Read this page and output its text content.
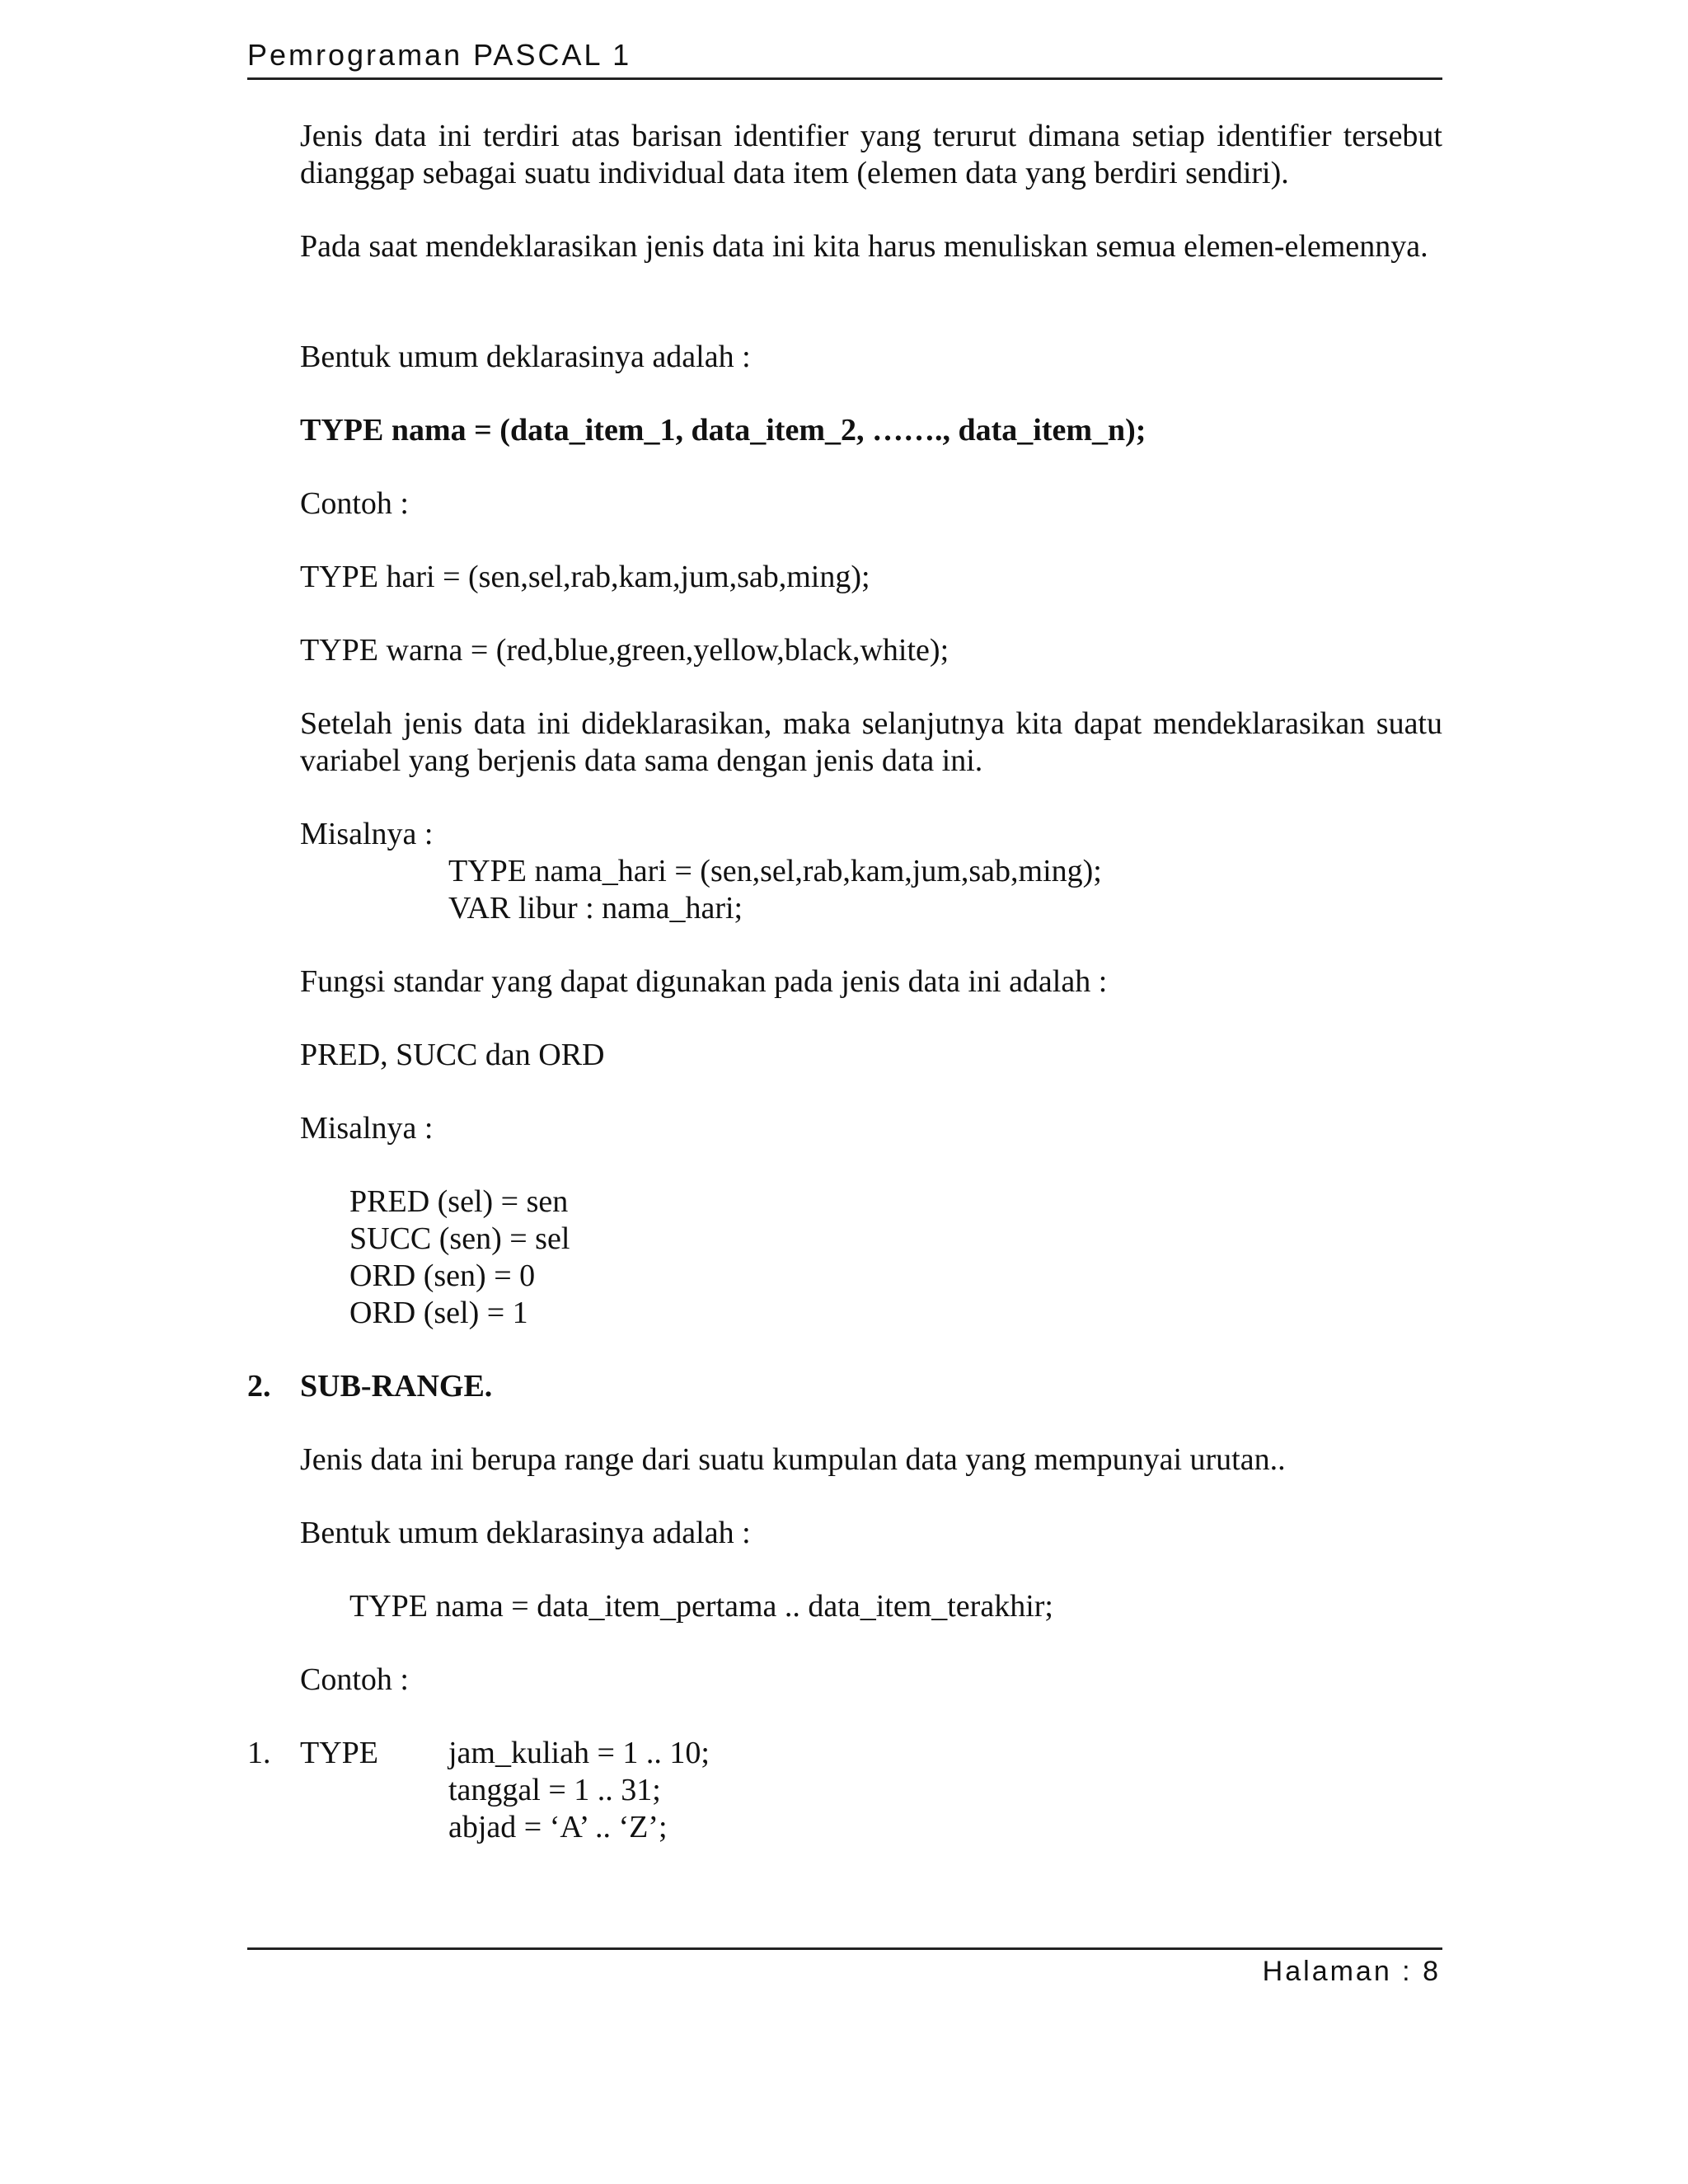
Pemrograman PASCAL 1

Jenis data ini terdiri atas barisan identifier yang terurut dimana setiap identifier tersebut dianggap sebagai suatu individual data item (elemen data yang berdiri sendiri).

Pada saat mendeklarasikan jenis data ini kita harus menuliskan semua elemen-elemennya.

Bentuk umum deklarasinya adalah :

TYPE nama = (data_item_1, data_item_2, ……., data_item_n);

Contoh :

TYPE hari = (sen,sel,rab,kam,jum,sab,ming);

TYPE warna = (red,blue,green,yellow,black,white);

Setelah jenis data ini dideklarasikan, maka selanjutnya kita dapat mendeklarasikan suatu variabel yang berjenis data sama dengan jenis data ini.

Misalnya :

TYPE nama_hari = (sen,sel,rab,kam,jum,sab,ming);

VAR libur : nama_hari;

Fungsi standar yang dapat digunakan pada jenis data ini adalah :

PRED, SUCC dan ORD

Misalnya :

PRED (sel) = sen

SUCC (sen) = sel

ORD (sen) = 0

ORD (sel) = 1

2. SUB-RANGE.

Jenis data ini berupa range dari suatu kumpulan data yang mempunyai urutan..

Bentuk umum deklarasinya adalah :

TYPE nama = data_item_pertama .. data_item_terakhir;

Contoh :

1. TYPE jam_kuliah = 1 .. 10;

tanggal = 1 .. 31;

abjad = ‘A’ .. ‘Z’;

Halaman : 8
